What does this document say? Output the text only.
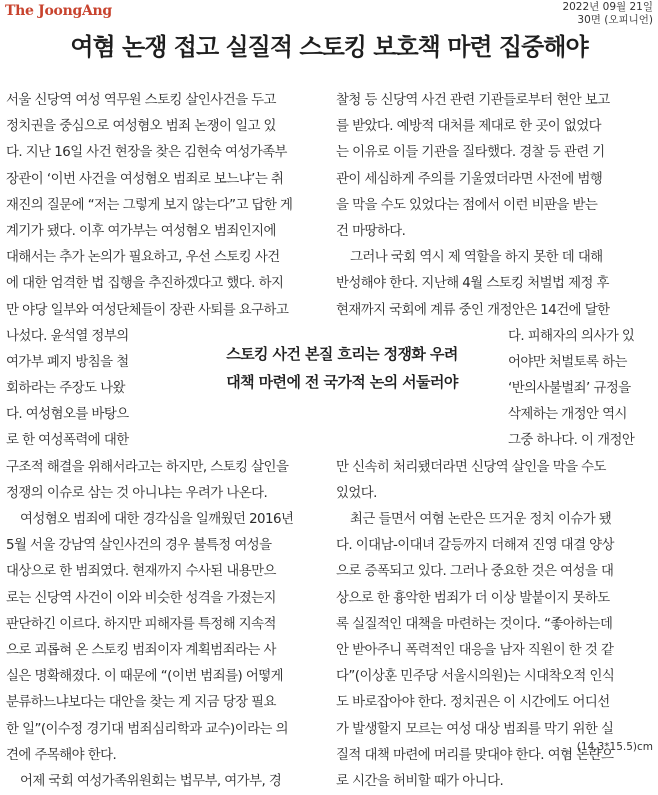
The JoongAng	2022년 09월 21일
30면 (오피니언)
여혐 논쟁 접고 실질적 스토킹 보호책 마련 집중해야
서울 신당역 여성 역무원 스토킹 살인사건을 두고
정치권을 중심으로 여성혐오 범죄 논쟁이 일고 있
다. 지난 16일 사건 현장을 찾은 김현숙 여성가족부
장관이 ‘이번 사건을 여성혐오 범죄로 보느냐’는 취
재진의 질문에 “저는 그렇게 보지 않는다”고 답한 게
계기가 됐다. 이후 여가부는 여성혐오 범죄인지에
대해서는 추가 논의가 필요하고, 우선 스토킹 사건
에 대한 엄격한 법 집행을 추진하겠다고 했다. 하지
만 야당 일부와 여성단체들이 장관 사퇴를 요구하고
나섰다. 윤석열 정부의
여가부 폐지 방침을 철
회하라는 주장도 나왔
다. 여성혐오를 바탕으
로 한 여성폭력에 대한
구조적 해결을 위해서라고는 하지만, 스토킹 살인을
정쟁의 이슈로 삼는 것 아니냐는 우려가 나온다.
여성혐오 범죄에 대한 경각심을 일깨웠던 2016년
5월 서울 강남역 살인사건의 경우 불특정 여성을
대상으로 한 범죄였다. 현재까지 수사된 내용만으
로는 신당역 사건이 이와 비슷한 성격을 가졌는지
판단하긴 이르다. 하지만 피해자를 특정해 지속적
으로 괴롭혀 온 스토킹 범죄이자 계획범죄라는 사
실은 명확해졌다. 이 때문에 “(이번 범죄를) 어떻게
분류하느냐보다는 대안을 찾는 게 지금 당장 필요
한 일”(이수정 경기대 범죄심리학과 교수)이라는 의
견에 주목해야 한다.
어제 국회 여성가족위원회는 법무부, 여가부, 경
찰청 등 신당역 사건 관련 기관들로부터 현안 보고
를 받았다. 예방적 대처를 제대로 한 곳이 없었다
는 이유로 이들 기관을 질타했다. 경찰 등 관련 기
관이 세심하게 주의를 기울였더라면 사전에 범행
을 막을 수도 있었다는 점에서 이런 비판을 받는
건 마땅하다.
그러나 국회 역시 제 역할을 하지 못한 데 대해
반성해야 한다. 지난해 4월 스토킹 처벌법 제정 후
현재까지 국회에 계류 중인 개정안은 14건에 달한
다. 피해자의 의사가 있
어야만 처벌토록 하는
‘반의사불벌죄’ 규정을
삭제하는 개정안 역시
그중 하나다. 이 개정안
만 신속히 처리됐더라면 신당역 살인을 막을 수도
있었다.
최근 들면서 여혐 논란은 뜨거운 정치 이슈가 됐
다. 이대남-이대녀 갈등까지 더해져 진영 대결 양상
으로 증폭되고 있다. 그러나 중요한 것은 여성을 대
상으로 한 흉악한 범죄가 더 이상 발붙이지 못하도
록 실질적인 대책을 마련하는 것이다. “좋아하는데
안 받아주니 폭력적인 대응을 남자 직원이 한 것 같
다”(이상훈 민주당 서울시의원)는 시대착오적 인식
도 바로잡아야 한다. 정치권은 이 시간에도 어디선
가 발생할지 모르는 여성 대상 범죄를 막기 위한 실
질적 대책 마련에 머리를 맞대야 한다. 여혐 논란으
로 시간을 허비할 때가 아니다.
스토킹 사건 본질 흐리는 정쟁화 우려
대책 마련에 전 국가적 논의 서둘러야
(14.3*15.5)cm
